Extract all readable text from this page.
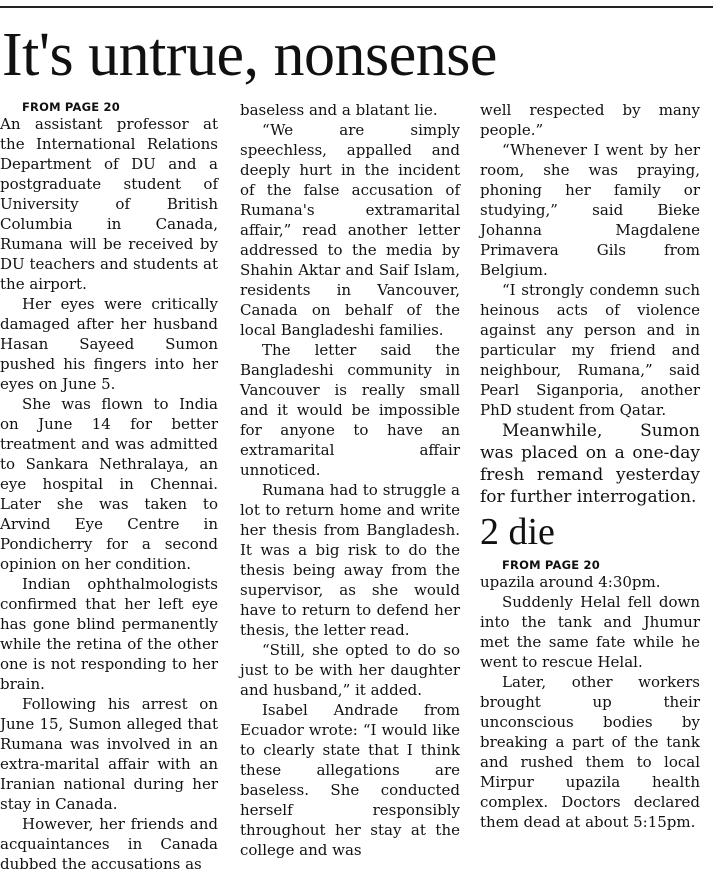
It's untrue, nonsense

FROM PAGE 20

An assistant professor at the International Relations Department of DU and a postgraduate student of University of British Columbia in Canada, Rumana will be received by DU teachers and students at the airport.

Her eyes were critically damaged after her husband Hasan Sayeed Sumon pushed his fingers into her eyes on June 5.

She was flown to India on June 14 for better treatment and was admitted to Sankara Nethralaya, an eye hospital in Chennai. Later she was taken to Arvind Eye Centre in Pondicherry for a second opinion on her condition.

Indian ophthalmologists confirmed that her left eye has gone blind permanently while the retina of the other one is not responding to her brain.

Following his arrest on June 15, Sumon alleged that Rumana was involved in an extra-marital affair with an Iranian national during her stay in Canada.

However, her friends and acquaintances in Canada dubbed the accusations as

baseless and a blatant lie.

“We are simply speechless, appalled and deeply hurt in the incident of the false accusation of Rumana's extramarital affair,” read another letter addressed to the media by Shahin Aktar and Saif Islam, residents in Vancouver, Canada on behalf of the local Bangladeshi families.

The letter said the Bangladeshi community in Vancouver is really small and it would be impossible for anyone to have an extramarital affair unnoticed.

Rumana had to struggle a lot to return home and write her thesis from Bangladesh. It was a big risk to do the thesis being away from the supervisor, as she would have to return to defend her thesis, the letter read.

“Still, she opted to do so just to be with her daughter and husband,” it added.

Isabel Andrade from Ecuador wrote: “I would like to clearly state that I think these allegations are baseless. She conducted herself responsibly throughout her stay at the college and was

well respected by many people.”

“Whenever I went by her room, she was praying, phoning her family or studying,” said Bieke Johanna Magdalene Primavera Gils from Belgium.

“I strongly condemn such heinous acts of violence against any person and in particular my friend and neighbour, Rumana,” said Pearl Siganporia, another PhD student from Qatar.

Meanwhile, Sumon was placed on a one-day fresh remand yesterday for further interrogation.

2 die

FROM PAGE 20

upazila around 4:30pm.

Suddenly Helal fell down into the tank and Jhumur met the same fate while he went to rescue Helal.

Later, other workers brought up their unconscious bodies by breaking a part of the tank and rushed them to local Mirpur upazila health complex. Doctors declared them dead at about 5:15pm.
